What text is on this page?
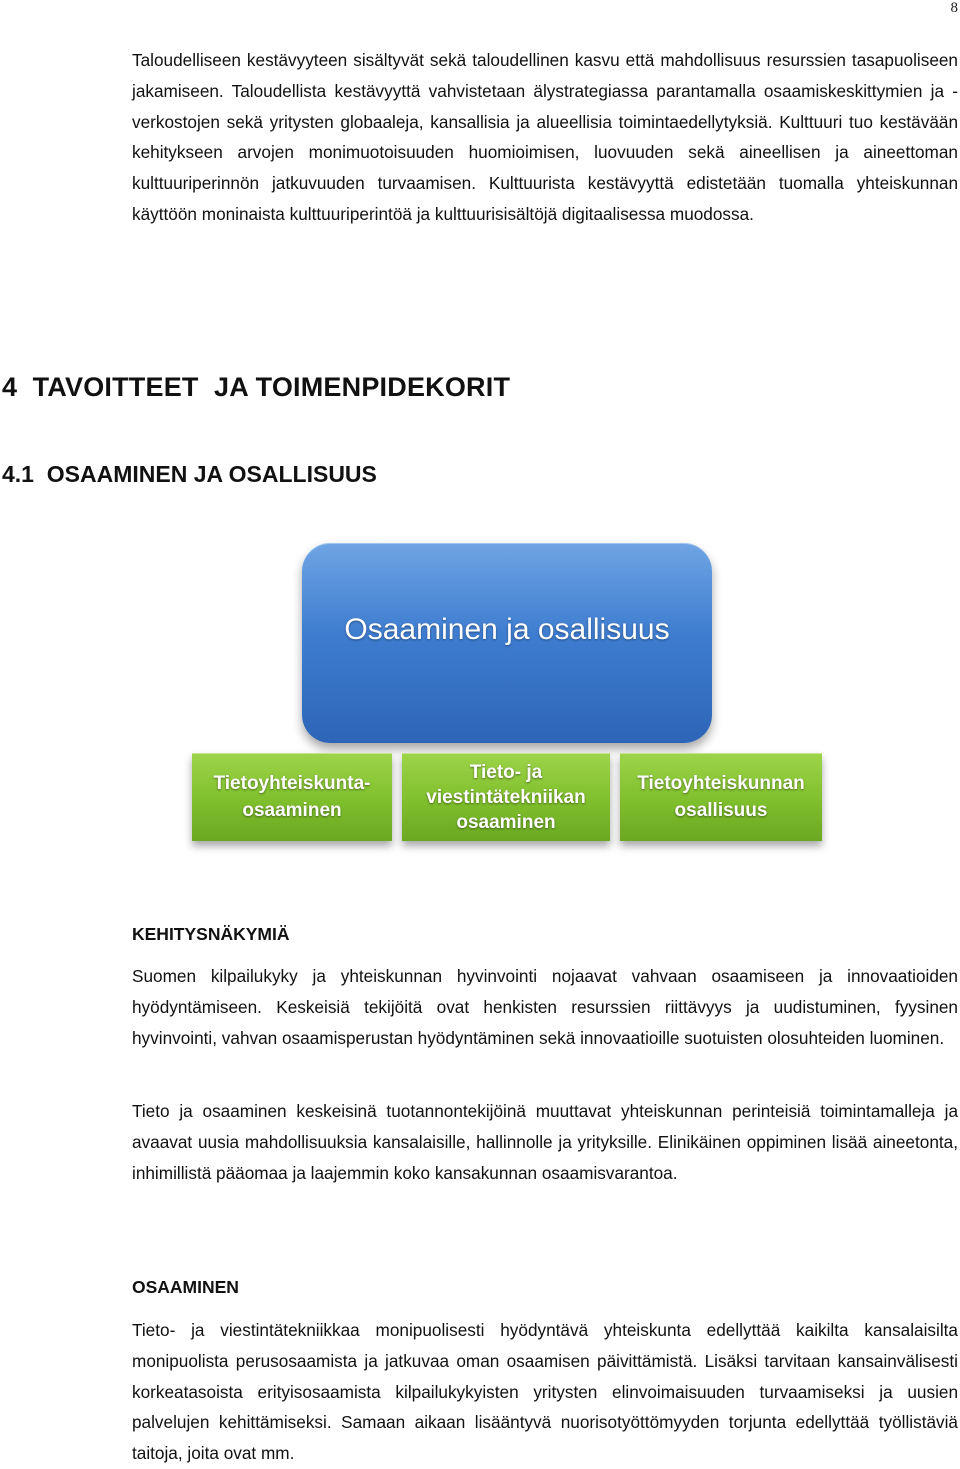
8

Taloudelliseen kestävyyteen sisältyvät sekä taloudellinen kasvu että mahdollisuus resurssien tasapuoliseen jakamiseen. Taloudellista kestävyyttä vahvistetaan älystrategiassa parantamalla osaamiskeskittymien ja -verkostojen sekä yritysten globaaleja, kansallisia ja alueellisia toimintaedellytyksiä. Kulttuuri tuo kestävään kehitykseen arvojen monimuotoisuuden huomioimisen, luovuuden sekä aineellisen ja aineettoman kulttuuriperinnön jatkuvuuden turvaamisen. Kulttuurista kestävyyttä edistetään tuomalla yhteiskunnan käyttöön moninaista kulttuuriperintöä ja kulttuurisisältöjä digitaalisessa muodossa.

4  TAVOITTEET  JA TOIMENPIDEKORIT
4.1  OSAAMINEN JA OSALLISUUS
Osaaminen ja osallisuus
Tietoyhteiskunta-
osaaminen
Tieto- ja
viestintätekniikan
osaaminen
Tietoyhteiskunnan
osallisuus
KEHITYSNÄKYMIÄ

Suomen kilpailukyky ja yhteiskunnan hyvinvointi nojaavat vahvaan osaamiseen ja innovaatioiden hyödyntämiseen. Keskeisiä tekijöitä ovat henkisten resurssien riittävyys ja uudistuminen, fyysinen hyvinvointi, vahvan osaamisperustan hyödyntäminen sekä innovaatioille suotuisten olosuhteiden luominen.

Tieto ja osaaminen keskeisinä tuotannontekijöinä muuttavat yhteiskunnan perinteisiä toimintamalleja ja avaavat uusia mahdollisuuksia kansalaisille, hallinnolle ja yrityksille. Elinikäinen oppiminen lisää aineetonta, inhimillistä pääomaa ja laajemmin koko kansakunnan osaamisvarantoa.

OSAAMINEN

Tieto- ja viestintätekniikkaa monipuolisesti hyödyntävä yhteiskunta edellyttää kaikilta kansalaisilta monipuolista perusosaamista ja jatkuvaa oman osaamisen päivittämistä. Lisäksi tarvitaan kansainvälisesti korkeatasoista erityisosaamista kilpailukykyisten yritysten elinvoimaisuuden turvaamiseksi ja uusien palvelujen kehittämiseksi. Samaan aikaan lisääntyvä nuorisotyöttömyyden torjunta edellyttää työllistäviä taitoja, joita ovat mm.
